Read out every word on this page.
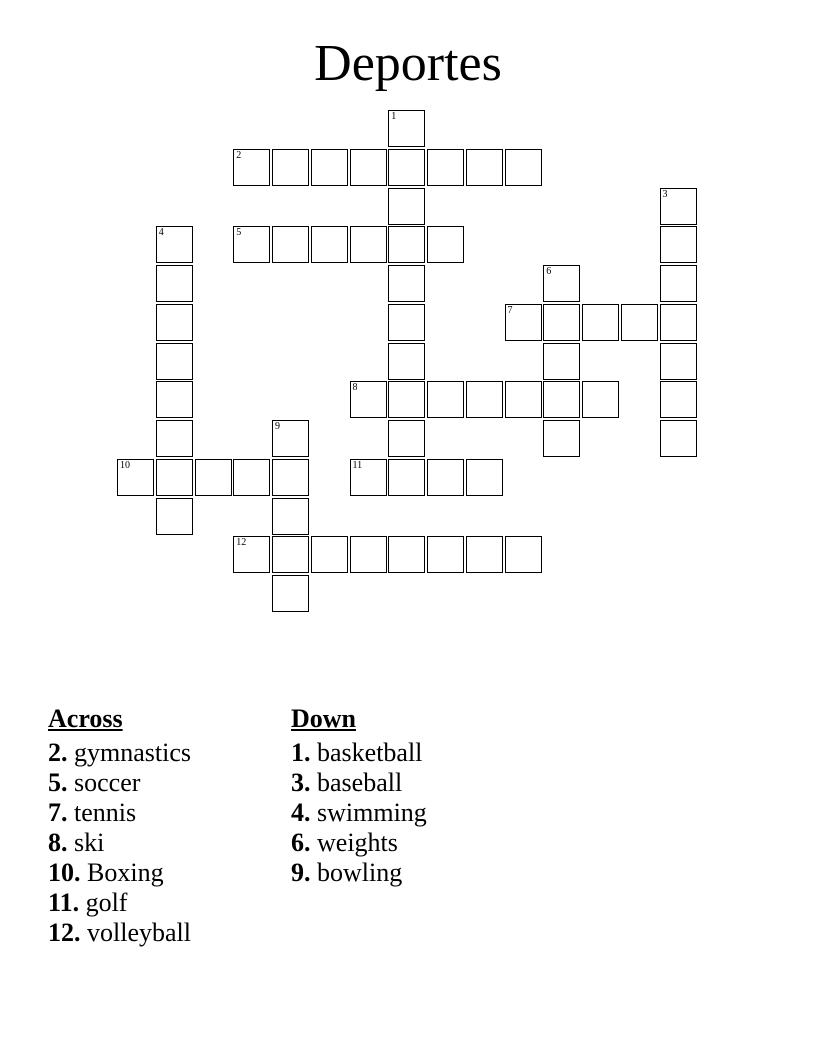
Deportes
2
5
7
8
10	11
12
1
3
4
6
9
Across
2. gymnastics
5. soccer
7. tennis
8. ski
10. Boxing
11. golf
12. volleyball
Down
1. basketball
3. baseball
4. swimming
6. weights
9. bowling
